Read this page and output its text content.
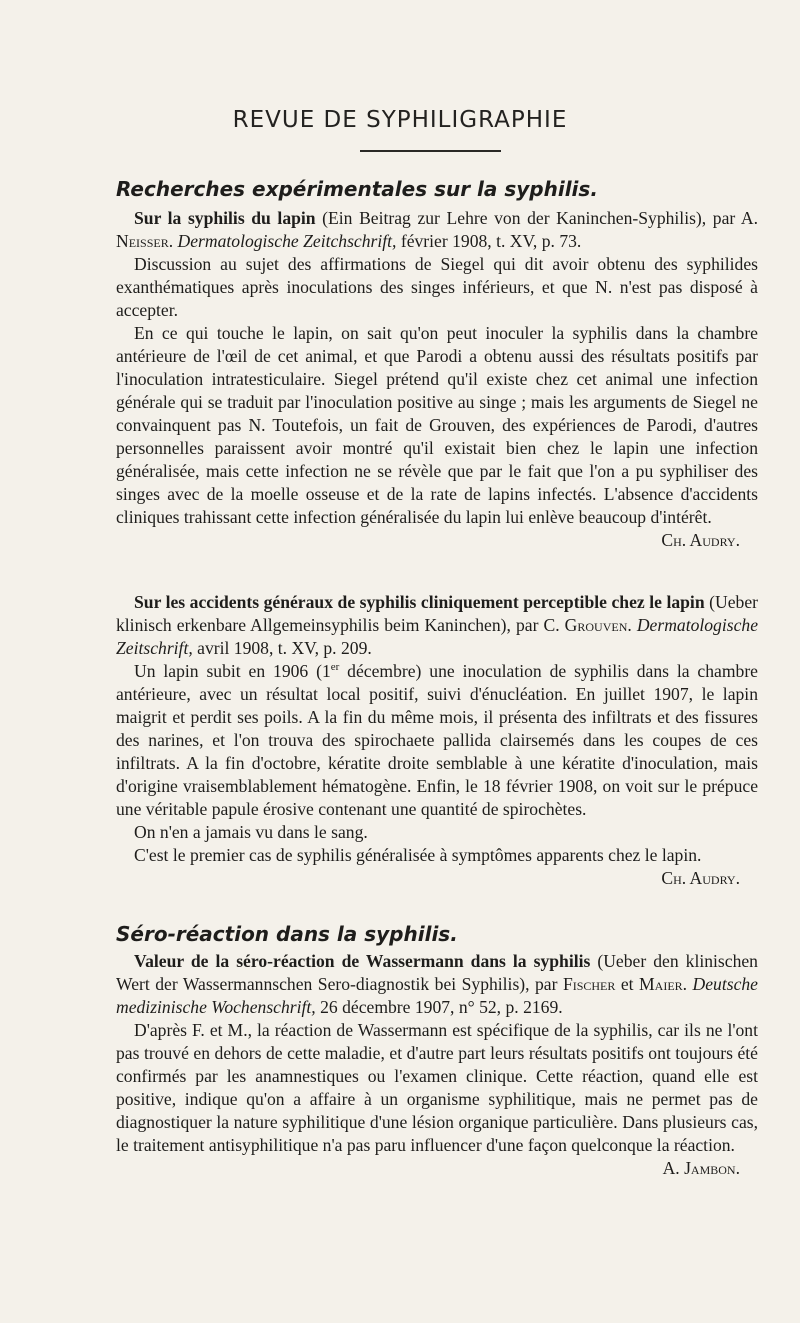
REVUE DE SYPHILIGRAPHIE
Recherches expérimentales sur la syphilis.

Sur la syphilis du lapin (Ein Beitrag zur Lehre von der Kaninchen-Syphilis), par A. Neisser. Dermatologische Zeitchschrift, février 1908, t. XV, p. 73.

Discussion au sujet des affirmations de Siegel qui dit avoir obtenu des syphilides exanthématiques après inoculations des singes inférieurs, et que N. n'est pas disposé à accepter.

En ce qui touche le lapin, on sait qu'on peut inoculer la syphilis dans la chambre antérieure de l'œil de cet animal, et que Parodi a obtenu aussi des résultats positifs par l'inoculation intratesticulaire. Siegel prétend qu'il existe chez cet animal une infection générale qui se traduit par l'inoculation positive au singe ; mais les arguments de Siegel ne convainquent pas N. Toutefois, un fait de Grouven, des expériences de Parodi, d'autres personnelles paraissent avoir montré qu'il existait bien chez le lapin une infection généralisée, mais cette infection ne se révèle que par le fait que l'on a pu syphiliser des singes avec de la moelle osseuse et de la rate de lapins infectés. L'absence d'accidents cliniques trahissant cette infection généralisée du lapin lui enlève beaucoup d'intérêt.

Ch. Audry.

Sur les accidents généraux de syphilis cliniquement perceptible chez le lapin (Ueber klinisch erkenbare Allgemeinsyphilis beim Kaninchen), par C. Grouven. Dermatologische Zeitschrift, avril 1908, t. XV, p. 209.

Un lapin subit en 1906 (1er décembre) une inoculation de syphilis dans la chambre antérieure, avec un résultat local positif, suivi d'énucléation. En juillet 1907, le lapin maigrit et perdit ses poils. A la fin du même mois, il présenta des infiltrats et des fissures des narines, et l'on trouva des spirochaete pallida clairsemés dans les coupes de ces infiltrats. A la fin d'octobre, kératite droite semblable à une kératite d'inoculation, mais d'origine vraisemblablement hématogène. Enfin, le 18 février 1908, on voit sur le prépuce une véritable papule érosive contenant une quantité de spirochètes.

On n'en a jamais vu dans le sang.

C'est le premier cas de syphilis généralisée à symptômes apparents chez le lapin.

Ch. Audry.
Séro-réaction dans la syphilis.

Valeur de la séro-réaction de Wassermann dans la syphilis (Ueber den klinischen Wert der Wassermannschen Sero-diagnostik bei Syphilis), par Fischer et Maier. Deutsche medizinische Wochenschrift, 26 décembre 1907, n° 52, p. 2169.

D'après F. et M., la réaction de Wassermann est spécifique de la syphilis, car ils ne l'ont pas trouvé en dehors de cette maladie, et d'autre part leurs résultats positifs ont toujours été confirmés par les anamnestiques ou l'examen clinique. Cette réaction, quand elle est positive, indique qu'on a affaire à un organisme syphilitique, mais ne permet pas de diagnostiquer la nature syphilitique d'une lésion organique particulière. Dans plusieurs cas, le traitement antisyphilitique n'a pas paru influencer d'une façon quelconque la réaction.

A. Jambon.
